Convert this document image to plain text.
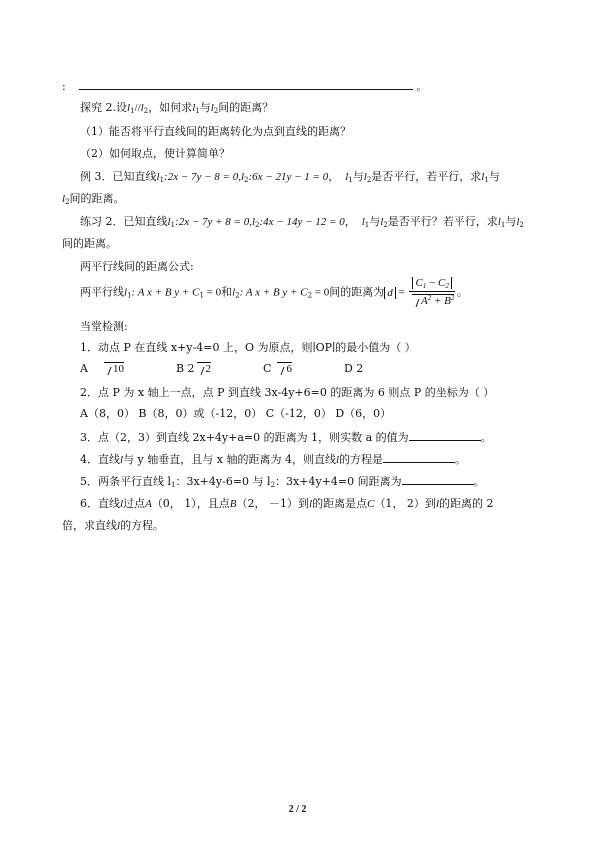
:	。
探究 2.设$l_1//l_2$，如何求$l_1$与$l_2$间的距离？
（1）能否将平行直线间的距离转化为点到直线的距离？
（2）如何取点，使计算简单？
例 3．已知直线$l_1:2x - 7y - 8$ = $0,l_2:6x - 21y - 1 = 0$， $l_1$与$l_2$是否平行，若平行，求$l_1$与
$l_2$间的距离。
练习 2．已知直线$l_1:2x - 7y + 8$ = $0,l_2:4x - 14y - 12 = 0$， $l_1$与$l_2$是否平行？若平行，求$l_1$与$l_2$
间的距离。
两平行线间的距离公式:
两平行线$l_1$: A x + B $y + C_1 = 0$和$l_2$: A x + B $y + C_2 = 0$间的距离为 $d = \frac{C_1 - C_2}{A^2 + B^2}$ 。
当堂检测:
1．动点 P 在直线 x+y-4=0 上，O 为原点，则∣OP∣的最小值为（ ）
A 10	B 2 2	C 6	D 2
2．点 P 为 x 轴上一点，点 P 到直线 3x-4y+6=0 的距离为 6 则点 P 的坐标为（ ）
A（8，0） B（8，0）或（-12，0） C（-12，0） D（6，0）
3．点（2，3）到直线 2x+4y+a=0 的距离为 1，则实数 a 的值为	。
4．直线l与 y 轴垂直，且与 x 轴的距离为 4，则直线l的方程是	。
5．两条平行直线 $l_1$：3x+4y-6=0 与 $l_2$：3x+4y+4=0 间距离为	。
6．直线l过点A（0， 1），且点B（2， －1）到l的距离是点C（1， 2）到l的距离的 2
倍，求直线l的方程。
2 / 2
